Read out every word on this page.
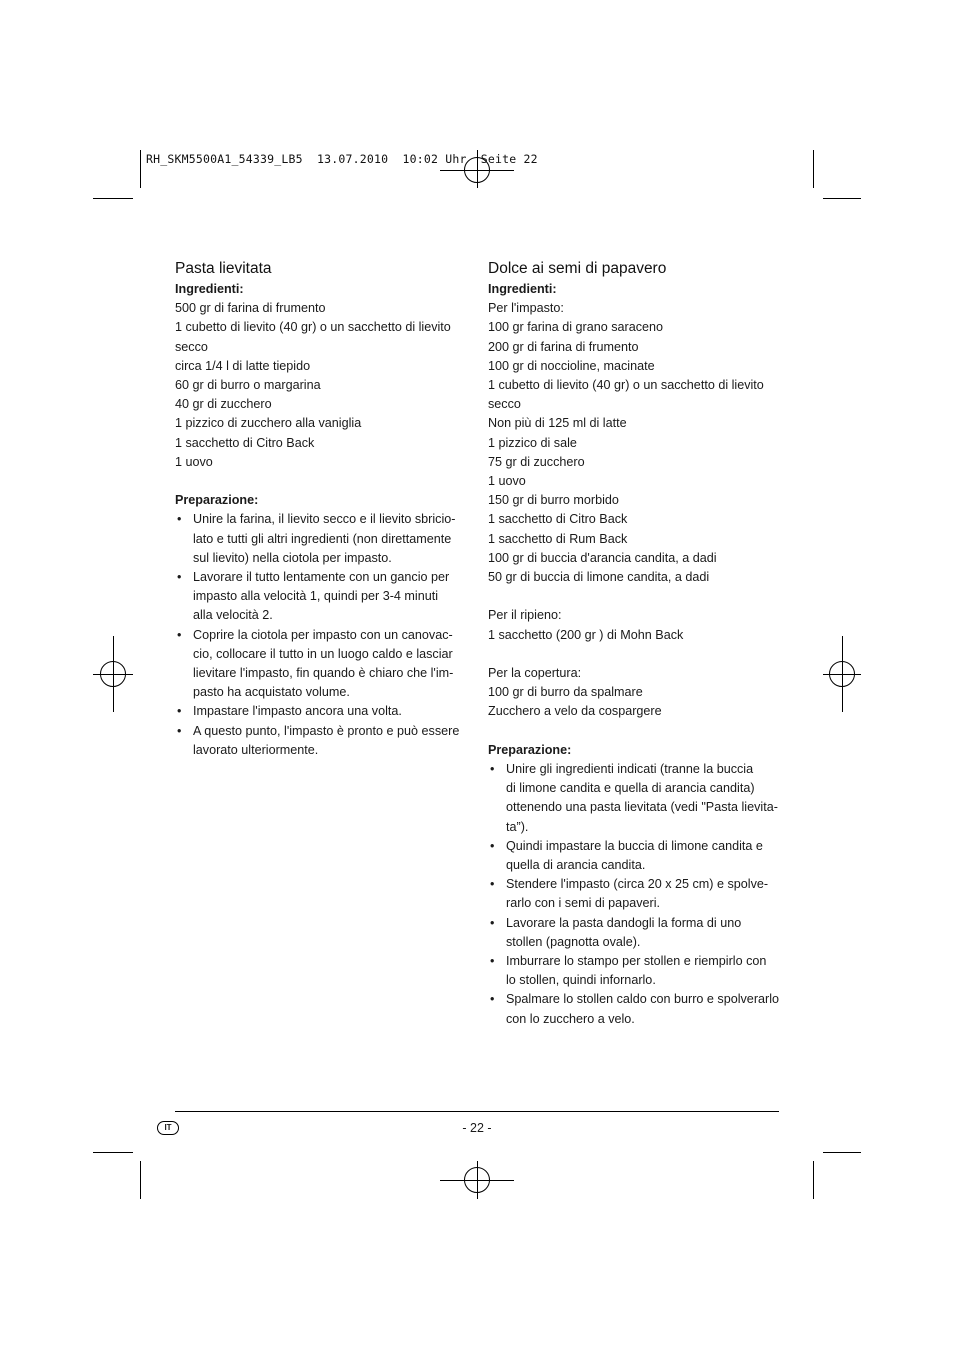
RH_SKM5500A1_54339_LB5  13.07.2010  10:02 Uhr  Seite 22
Pasta lievitata

Ingredienti:

500 gr di farina di frumento

1 cubetto di lievito (40 gr) o un sacchetto di lievito

secco

circa 1/4 l di latte tiepido

60 gr di burro o margarina

40 gr di zucchero

1 pizzico di zucchero alla vaniglia

1 sacchetto di Citro Back

1 uovo

Preparazione:

• Unire la farina, il lievito secco e il lievito sbricio-
lato e tutti gli altri ingredienti (non direttamente
sul lievito) nella ciotola per impasto.
• Lavorare il tutto lentamente con un gancio per
impasto alla velocità 1, quindi per 3-4 minuti
alla velocità 2.
• Coprire la ciotola per impasto con un canovac-
cio, collocare il tutto in un luogo caldo e lasciar
lievitare l'impasto, fin quando è chiaro che l'im-
pasto ha acquistato volume.
• Impastare l'impasto ancora una volta.
• A questo punto, l'impasto è pronto e può essere
lavorato ulteriormente.
Dolce ai semi di papavero

Ingredienti:

Per l'impasto:

100 gr farina di grano saraceno

200 gr di farina di frumento

100 gr di noccioline, macinate

1 cubetto di lievito (40 gr) o un sacchetto di lievito

secco

Non più di 125 ml di latte

1 pizzico di sale

75 gr di zucchero

1 uovo

150 gr di burro morbido

1 sacchetto di Citro Back

1 sacchetto di Rum Back

100 gr di buccia d'arancia candita, a dadi

50 gr di buccia di limone candita, a dadi

Per il ripieno:

1 sacchetto (200 gr ) di Mohn Back

Per la copertura:

100 gr di burro da spalmare

Zucchero a velo da cospargere

Preparazione:

• Unire gli ingredienti indicati (tranne la buccia
di limone candita e quella di arancia candita)
ottenendo una pasta lievitata (vedi "Pasta lievita-
ta”).
• Quindi impastare la buccia di limone candita e
quella di arancia candita.
• Stendere l'impasto (circa 20 x 25 cm) e spolve-
rarlo con i semi di papaveri.
• Lavorare la pasta dandogli la forma di uno
stollen (pagnotta ovale).
• Imburrare lo stampo per stollen e riempirlo con
lo stollen, quindi infornarlo.
• Spalmare lo stollen caldo con burro e spolverarlo
con lo zucchero a velo.
IT	- 22 -
